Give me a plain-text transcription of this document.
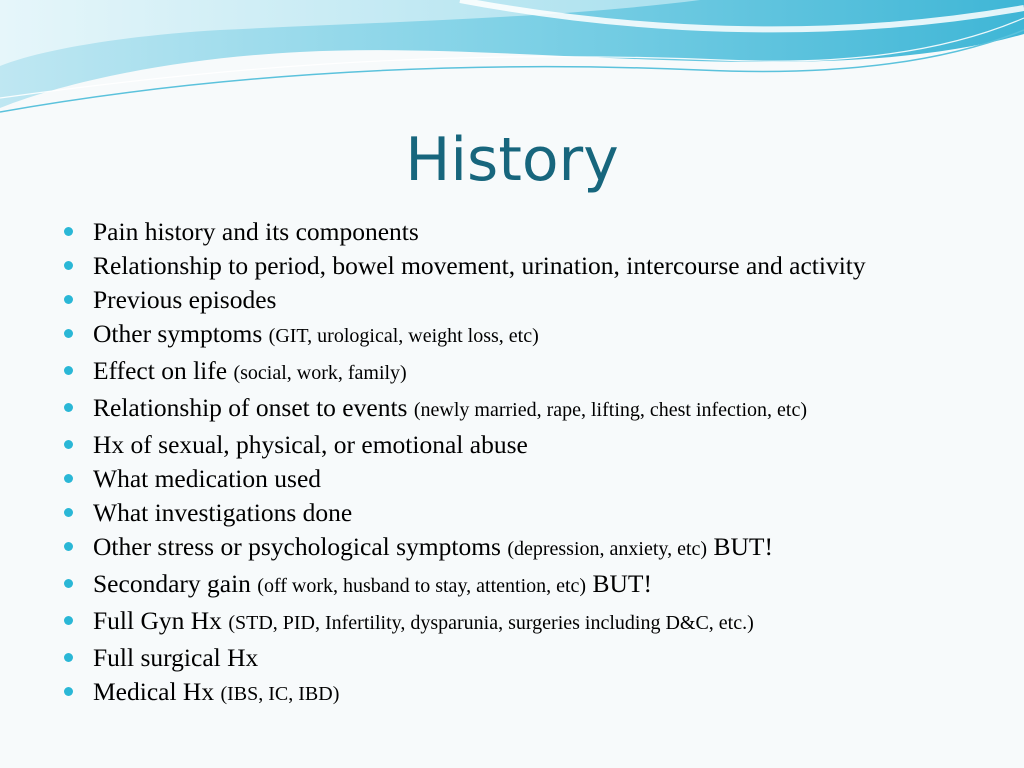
History
Pain history and its components
Relationship to period, bowel movement, urination, intercourse and activity
Previous episodes
Other symptoms (GIT, urological, weight loss, etc)
Effect on life (social, work, family)
Relationship of onset to events (newly married, rape, lifting, chest infection, etc)
Hx of sexual, physical, or emotional abuse
What medication used
What investigations done
Other stress or psychological symptoms (depression, anxiety, etc) BUT!
Secondary gain (off work, husband to stay, attention, etc) BUT!
Full Gyn Hx (STD, PID, Infertility, dysparunia, surgeries including D&C, etc.)
Full surgical Hx
Medical Hx (IBS, IC, IBD)
